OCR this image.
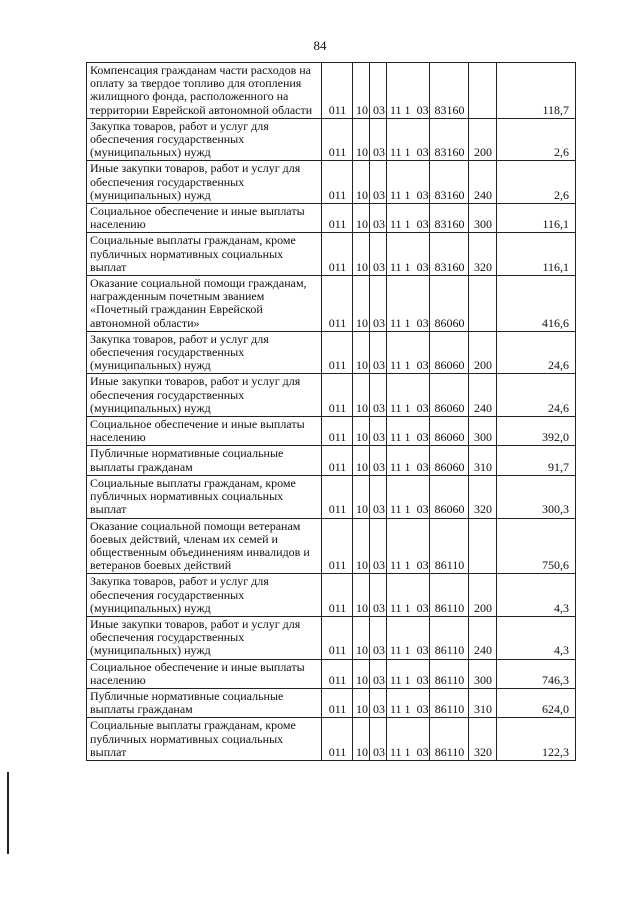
84
Компенсация гражданам части расходов на оплату за твердое топливо для отопления жилищного фонда, расположенного на территории Еврейской автономной области	011	10	03	11 1 03	83160		118,7
Закупка товаров, работ и услуг для обеспечения государственных (муниципальных) нужд	011	10	03	11 1 03	83160	200	2,6
Иные закупки товаров, работ и услуг для обеспечения государственных (муниципальных) нужд	011	10	03	11 1 03	83160	240	2,6
Социальное обеспечение и иные выплаты населению	011	10	03	11 1 03	83160	300	116,1
Социальные выплаты гражданам, кроме публичных нормативных социальных выплат	011	10	03	11 1 03	83160	320	116,1
Оказание социальной помощи гражданам, награжденным почетным званием «Почетный гражданин Еврейской автономной области»	011	10	03	11 1 03	86060		416,6
Закупка товаров, работ и услуг для обеспечения государственных (муниципальных) нужд	011	10	03	11 1 03	86060	200	24,6
Иные закупки товаров, работ и услуг для обеспечения государственных (муниципальных) нужд	011	10	03	11 1 03	86060	240	24,6
Социальное обеспечение и иные выплаты населению	011	10	03	11 1 03	86060	300	392,0
Публичные нормативные социальные выплаты гражданам	011	10	03	11 1 03	86060	310	91,7
Социальные выплаты гражданам, кроме публичных нормативных социальных выплат	011	10	03	11 1 03	86060	320	300,3
Оказание социальной помощи ветеранам боевых действий, членам их семей и общественным объединениям инвалидов и ветеранов боевых действий	011	10	03	11 1 03	86110		750,6
Закупка товаров, работ и услуг для обеспечения государственных (муниципальных) нужд	011	10	03	11 1 03	86110	200	4,3
Иные закупки товаров, работ и услуг для обеспечения государственных (муниципальных) нужд	011	10	03	11 1 03	86110	240	4,3
Социальное обеспечение и иные выплаты населению	011	10	03	11 1 03	86110	300	746,3
Публичные нормативные социальные выплаты гражданам	011	10	03	11 1 03	86110	310	624,0
Социальные выплаты гражданам, кроме публичных нормативных социальных выплат	011	10	03	11 1 03	86110	320	122,3
